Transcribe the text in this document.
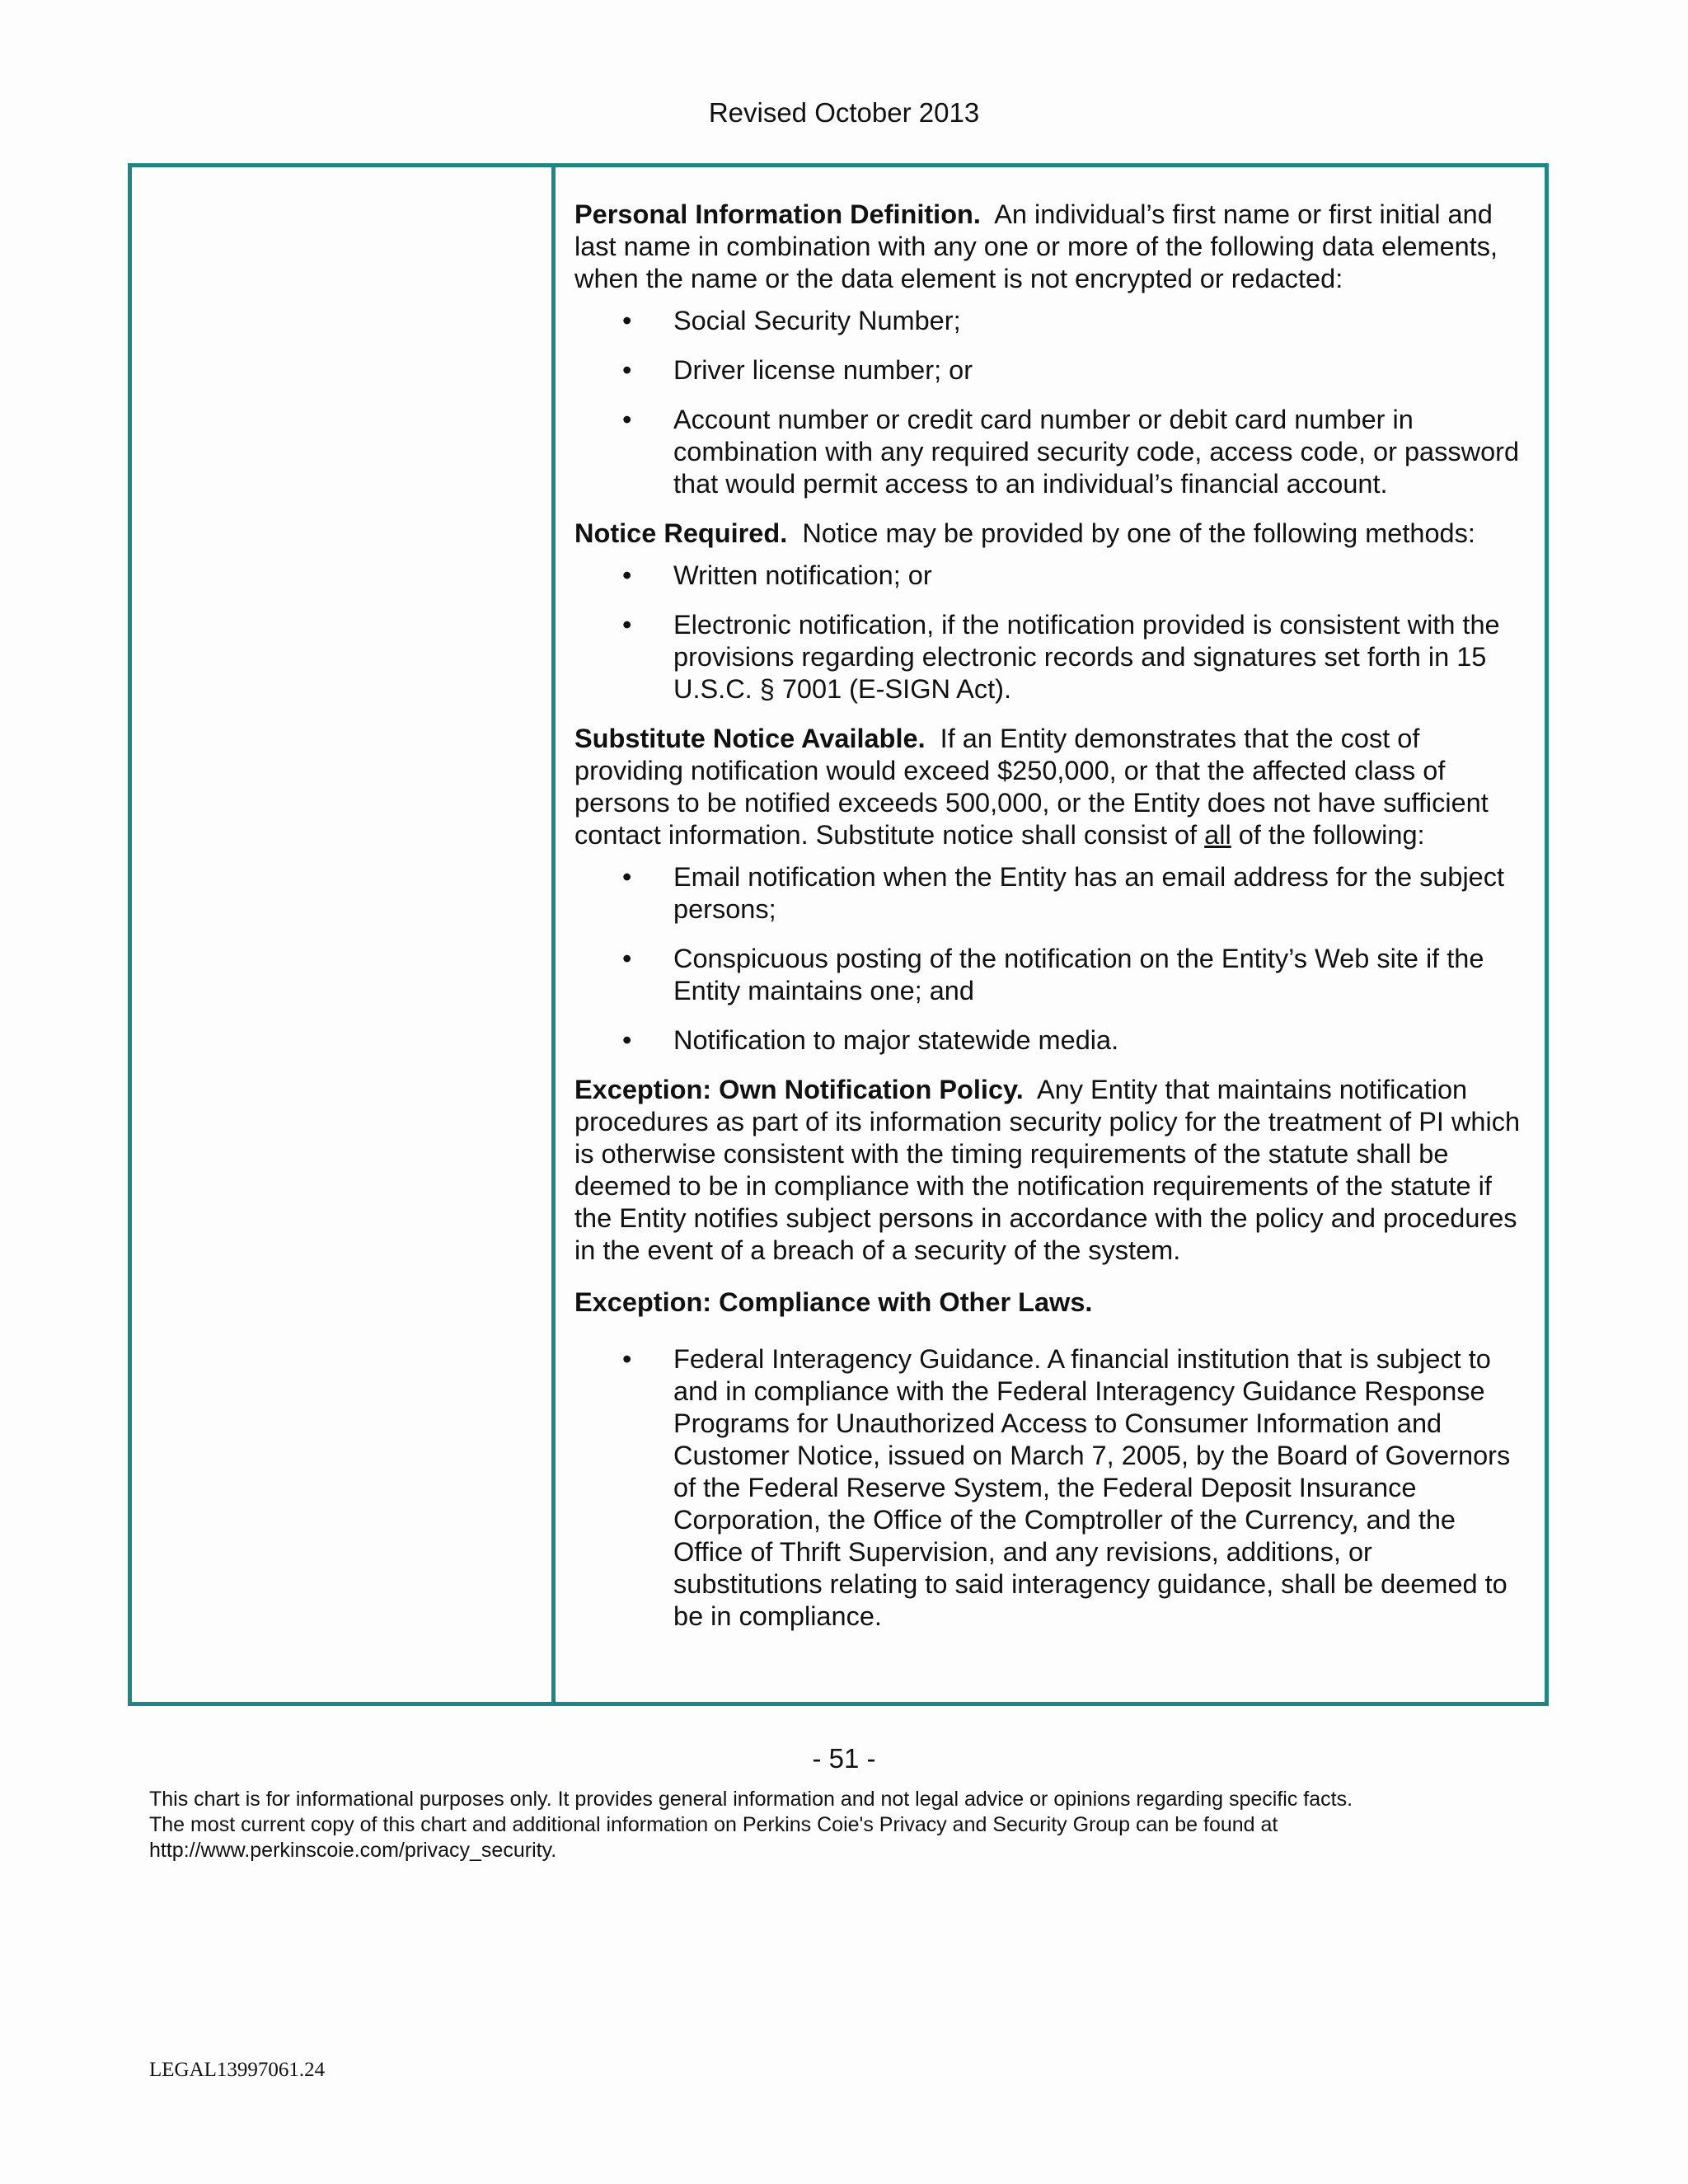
Revised October 2013

Personal Information Definition. An individual’s first name or first initial and last name in combination with any one or more of the following data elements, when the name or the data element is not encrypted or redacted:

• Social Security Number;
• Driver license number; or
• Account number or credit card number or debit card number in combination with any required security code, access code, or password that would permit access to an individual’s financial account.

Notice Required. Notice may be provided by one of the following methods:

• Written notification; or
• Electronic notification, if the notification provided is consistent with the provisions regarding electronic records and signatures set forth in 15 U.S.C. § 7001 (E-SIGN Act).

Substitute Notice Available. If an Entity demonstrates that the cost of providing notification would exceed $250,000, or that the affected class of persons to be notified exceeds 500,000, or the Entity does not have sufficient contact information. Substitute notice shall consist of all of the following:

• Email notification when the Entity has an email address for the subject persons;
• Conspicuous posting of the notification on the Entity’s Web site if the Entity maintains one; and
• Notification to major statewide media.

Exception: Own Notification Policy. Any Entity that maintains notification procedures as part of its information security policy for the treatment of PI which is otherwise consistent with the timing requirements of the statute shall be deemed to be in compliance with the notification requirements of the statute if the Entity notifies subject persons in accordance with the policy and procedures in the event of a breach of a security of the system.

Exception: Compliance with Other Laws.

• Federal Interagency Guidance. A financial institution that is subject to and in compliance with the Federal Interagency Guidance Response Programs for Unauthorized Access to Consumer Information and Customer Notice, issued on March 7, 2005, by the Board of Governors of the Federal Reserve System, the Federal Deposit Insurance Corporation, the Office of the Comptroller of the Currency, and the Office of Thrift Supervision, and any revisions, additions, or substitutions relating to said interagency guidance, shall be deemed to be in compliance.
- 51 -
This chart is for informational purposes only. It provides general information and not legal advice or opinions regarding specific facts.
The most current copy of this chart and additional information on Perkins Coie's Privacy and Security Group can be found at
http://www.perkinscoie.com/privacy_security.
LEGAL13997061.24
